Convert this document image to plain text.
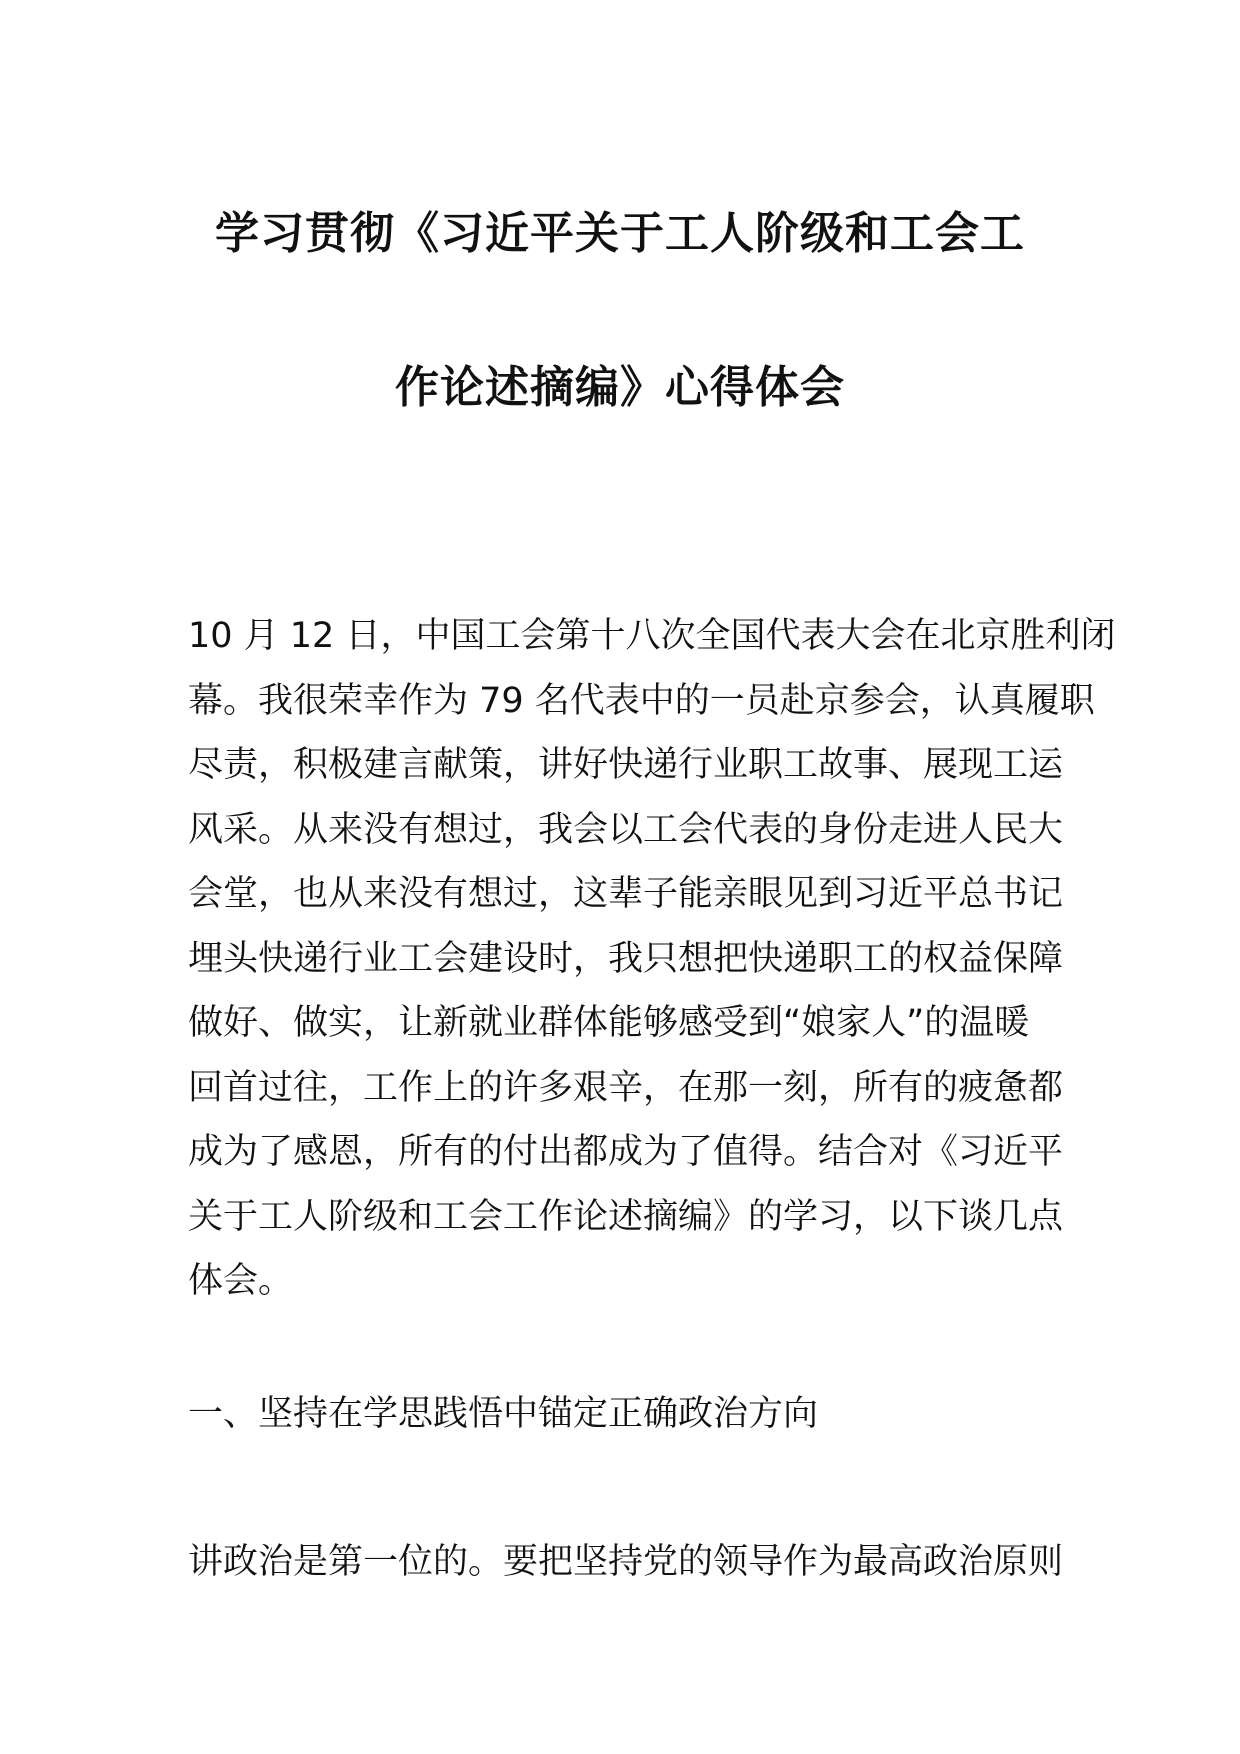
学习贯彻《习近平关于工人阶级和工会工
作论述摘编》心得体会
10 月 12 日，中国工会第十八次全国代表大会在北京胜利闭
幕。我很荣幸作为 79 名代表中的一员赴京参会，认真履职
尽责，积极建言献策，讲好快递行业职工故事、展现工运
风采。从来没有想过，我会以工会代表的身份走进人民大
会堂，也从来没有想过，这辈子能亲眼见到习近平总书记
埋头快递行业工会建设时，我只想把快递职工的权益保障
做好、做实，让新就业群体能够感受到“娘家人”的温暖
回首过往，工作上的许多艰辛，在那一刻，所有的疲惫都
成为了感恩，所有的付出都成为了值得。结合对《习近平
关于工人阶级和工会工作论述摘编》的学习，以下谈几点
体会。
一、坚持在学思践悟中锚定正确政治方向
讲政治是第一位的。要把坚持党的领导作为最高政治原则
